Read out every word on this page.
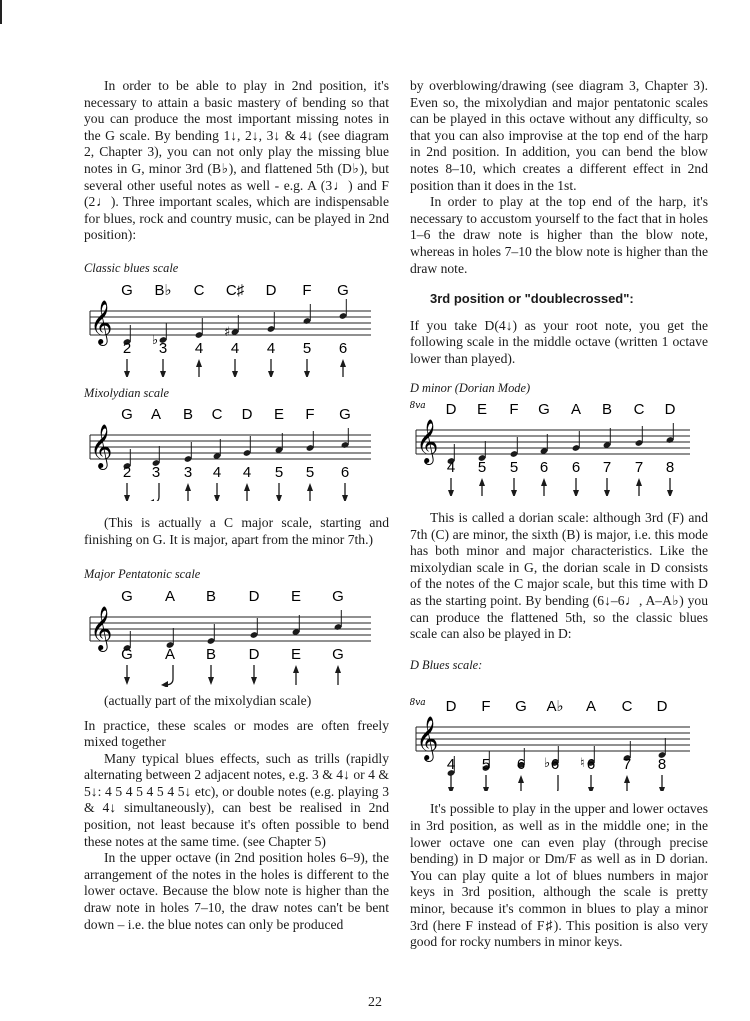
In order to be able to play in 2nd position, it's necessary to attain a basic mastery of bending so that you can produce the most important missing notes in the G scale. By bending 1↓, 2↓, 3↓ & 4↓ (see diagram 2, Chapter 3), you can not only play the missing blue notes in G, minor 3rd (B♭), and flattened 5th (D♭), but several other useful notes as well - e.g. A (3♩) and F (2♩). Three important scales, which are indispensable for blues, rock and country music, can be played in 2nd position):

Classic blues scale

G B♭ C C♯ D F G
𝄞	♭
♯
2 3 4 4 4 5 6

Mixolydian scale

G A B C D E F G
𝄞
2 3 3 4 4 5 5 6

(This is actually a C major scale, starting and finishing on G. It is major, apart from the minor 7th.)

Major Pentatonic scale

G A B D E G
𝄞
G A B D E G

(actually part of the mixolydian scale)

In practice, these scales or modes are often freely mixed together

Many typical blues effects, such as trills (rapidly alternating between 2 adjacent notes, e.g. 3 & 4↓ or 4 & 5↓: 4 5 4 5 4 5 4 5↓ etc), or double notes (e.g. playing 3 & 4↓ simultaneously), can best be realised in 2nd position, not least because it's often possible to bend these notes at the same time. (see Chapter 5)

In the upper octave (in 2nd position holes 6–9), the arrangement of the notes in the holes is different to the lower octave. Because the blow note is higher than the draw note in holes 7–10, the draw notes can't be bent down – i.e. the blue notes can only be produced

by overblowing/drawing (see diagram 3, Chapter 3). Even so, the mixolydian and major pentatonic scales can be played in this octave without any difficulty, so that you can also improvise at the top end of the harp in 2nd position. In addition, you can bend the blow notes 8–10, which creates a different effect in 2nd position than it does in the 1st.

In order to play at the top end of the harp, it's necessary to accustom yourself to the fact that in holes 1–6 the draw note is higher than the blow note, whereas in holes 7–10 the blow note is higher than the draw note.

3rd position or "doublecrossed":

If you take D(4↓) as your root note, you get the following scale in the middle octave (written 1 octave lower than played).

D minor (Dorian Mode)

D E F G A B C D
𝄞
8va
4 5 5 6 6 7 7 8

This is called a dorian scale: although 3rd (F) and 7th (C) are minor, the sixth (B) is major, i.e. this mode has both minor and major characteristics. Like the mixolydian scale in G, the dorian scale in D consists of the notes of the C major scale, but this time with D as the starting point. By bending (6↓–6♩, A–A♭) you can produce the flattened 5th, so the classic blues scale can also be played in D:

D Blues scale:

D F G A♭ A C D
𝄞
8va
♭ ♮
4 5 6 6 6 7 8

It's possible to play in the upper and lower octaves in 3rd position, as well as in the middle one; in the lower octave one can even play (through precise bending) in D major or Dm/F as well as in D dorian. You can play quite a lot of blues numbers in major keys in 3rd position, although the scale is pretty minor, because it's common in blues to play a minor 3rd (here F instead of F♯). This position is also very good for rocky numbers in minor keys.

22
